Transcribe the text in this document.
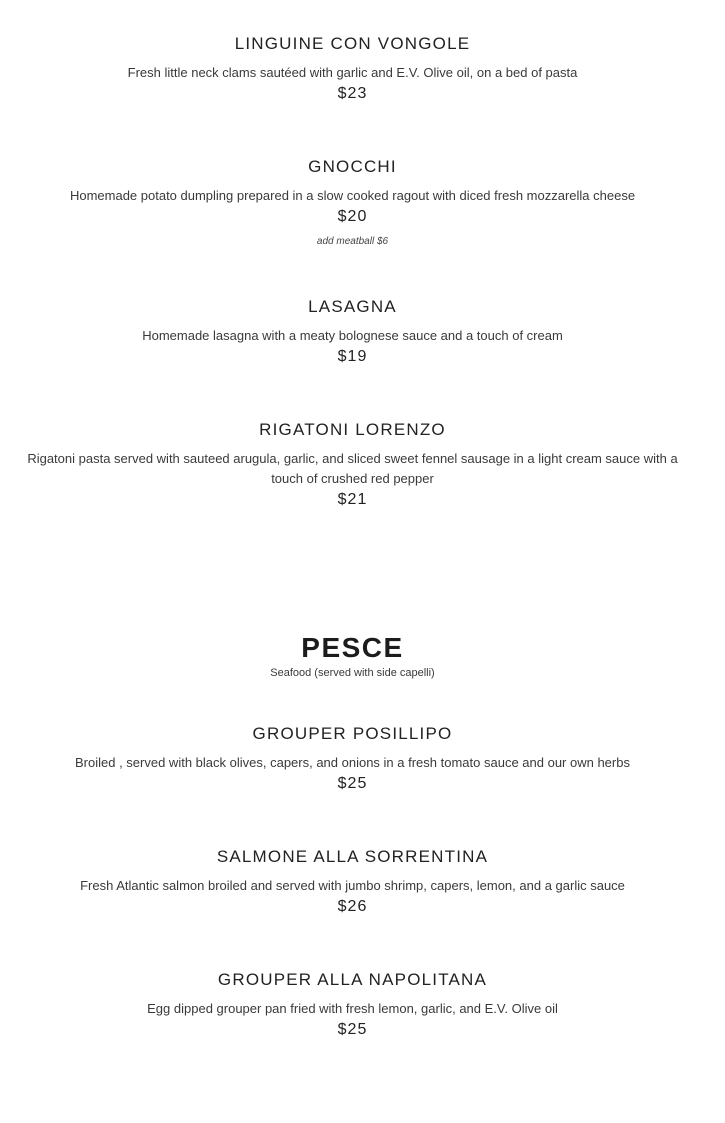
LINGUINE CON VONGOLE
Fresh little neck clams sautéed with garlic and E.V. Olive oil, on a bed of pasta
$23
GNOCCHI
Homemade potato dumpling prepared in a slow cooked ragout with diced fresh mozzarella cheese
$20
add meatball $6
LASAGNA
Homemade lasagna with a meaty bolognese sauce and a touch of cream
$19
RIGATONI LORENZO
Rigatoni pasta served with sauteed arugula, garlic, and sliced sweet fennel sausage in a light cream sauce with a touch of crushed red pepper
$21
PESCE
Seafood (served with side capelli)
GROUPER POSILLIPO
Broiled , served with black olives, capers, and onions in a fresh tomato sauce and our own herbs
$25
SALMONE ALLA SORRENTINA
Fresh Atlantic salmon broiled and served with jumbo shrimp, capers, lemon, and a garlic sauce
$26
GROUPER ALLA NAPOLITANA
Egg dipped grouper pan fried with fresh lemon, garlic, and E.V. Olive oil
$25
